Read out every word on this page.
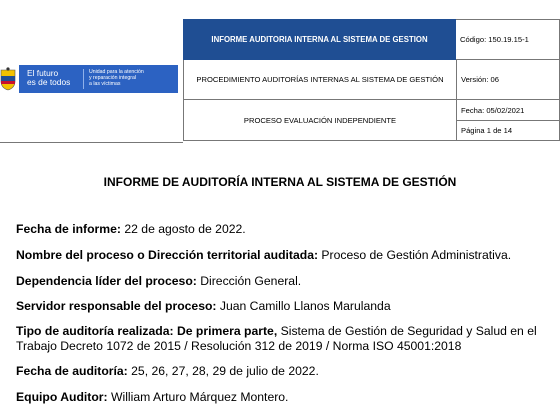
INFORME AUDITORIA INTERNA AL SISTEMA DE GESTION	Código: 150.19.15-1
PROCEDIMIENTO AUDITORÍAS INTERNAS AL SISTEMA DE GESTIÓN	Versión: 06
PROCESO EVALUACIÓN INDEPENDIENTE
Fecha: 05/02/2021
Página 1 de 14
El futuro
es de todos
Unidad para la atención
y reparación integral
a las víctimas
INFORME DE AUDITORÍA INTERNA AL SISTEMA DE GESTIÓN
Fecha de informe: 22 de agosto de 2022.
Nombre del proceso o Dirección territorial auditada: Proceso de Gestión Administrativa.
Dependencia líder del proceso: Dirección General.
Servidor responsable del proceso: Juan Camillo Llanos Marulanda
Tipo de auditoría realizada: De primera parte, Sistema de Gestión de Seguridad y Salud en el Trabajo Decreto 1072 de 2015 / Resolución 312 de 2019 / Norma ISO 45001:2018
Fecha de auditoría: 25, 26, 27, 28, 29 de julio de 2022.
Equipo Auditor: William Arturo Márquez Montero.
